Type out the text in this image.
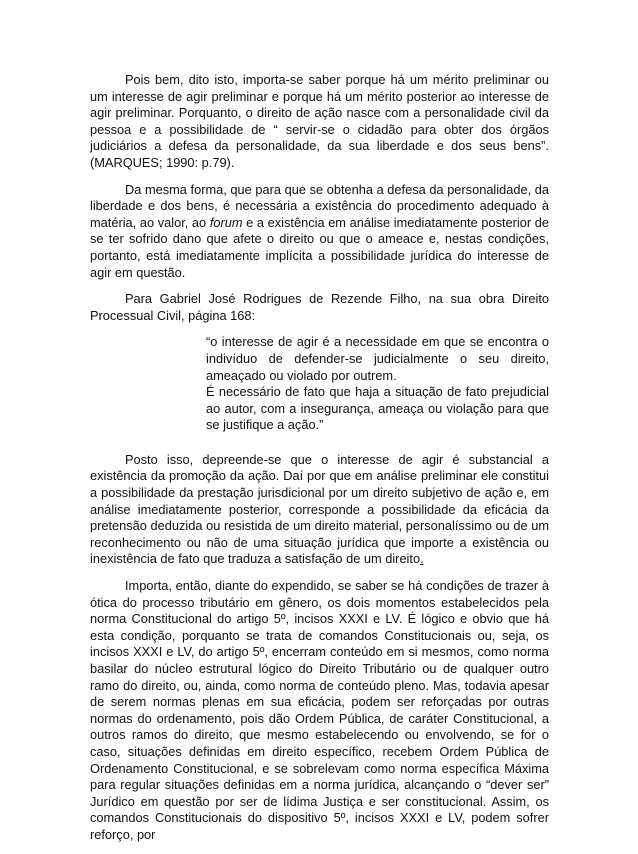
Pois bem, dito isto, importa-se saber porque há um mérito preliminar ou um interesse de agir preliminar e porque há um mérito posterior ao interesse de agir preliminar. Porquanto, o direito de ação nasce com a personalidade civil da pessoa e a possibilidade de “ servir-se o cidadão para obter dos órgãos judiciários a defesa da personalidade, da sua liberdade e dos seus bens”.(MARQUES; 1990: p.79).

Da mesma forma, que para que se obtenha a defesa da personalidade, da liberdade e dos bens, é necessária a existência do procedimento adequado à matéria, ao valor, ao forum e a existência em análise imediatamente posterior de se ter sofrido dano que afete o direito ou que o ameace e, nestas condições, portanto, está imediatamente implícita a possibilidade jurídica do interesse de agir em questão.

Para Gabriel José Rodrigues de Rezende Filho, na sua obra Direito Processual Civil, página 168:

“o interesse de agir é a necessidade em que se encontra o indivíduo de defender-se judicialmente o seu direito, ameaçado ou violado por outrem.
É necessário de fato que haja a situação de fato prejudicial ao autor, com a insegurança, ameaça ou violação para que se justifique a ação.”

Posto isso, depreende-se que o interesse de agir é substancial a existência da promoção da ação. Daí por que em análise preliminar ele constitui a possibilidade da prestação jurisdicional por um direito subjetivo de ação e, em análise imediatamente posterior, corresponde a possibilidade da eficácia da pretensão deduzida ou resistida de um direito material, personalíssimo ou de um reconhecimento ou não de uma situação jurídica que importe a existência ou inexistência de fato que traduza a satisfação de um direito.

Importa, então, diante do expendido, se saber se há condições de trazer à ótica do processo tributário em gênero, os dois momentos estabelecidos pela norma Constitucional do artigo 5º, incisos XXXI e LV. É lógico e obvio que há esta condição, porquanto se trata de comandos Constitucionais ou, seja, os incisos XXXI e LV, do artigo 5º, encerram conteúdo em si mesmos, como norma basilar do núcleo estrutural lógico do Direito Tributário ou de qualquer outro ramo do direito, ou, ainda, como norma de conteúdo pleno. Mas, todavia apesar de serem normas plenas em sua eficácia, podem ser reforçadas por outras normas do ordenamento, pois dão Ordem Pública, de caráter Constitucional, a outros ramos do direito, que mesmo estabelecendo ou envolvendo, se for o caso, situações definidas em direito específico, recebem Ordem Pública de Ordenamento Constitucional, e se sobrelevam como norma específica Máxima para regular situações definidas em a norma jurídica, alcançando o “dever ser” Jurídico em questão por ser de lídima Justiça e ser constitucional. Assim, os comandos Constitucionais do dispositivo 5º, incisos XXXI e LV, podem sofrer reforço, por
